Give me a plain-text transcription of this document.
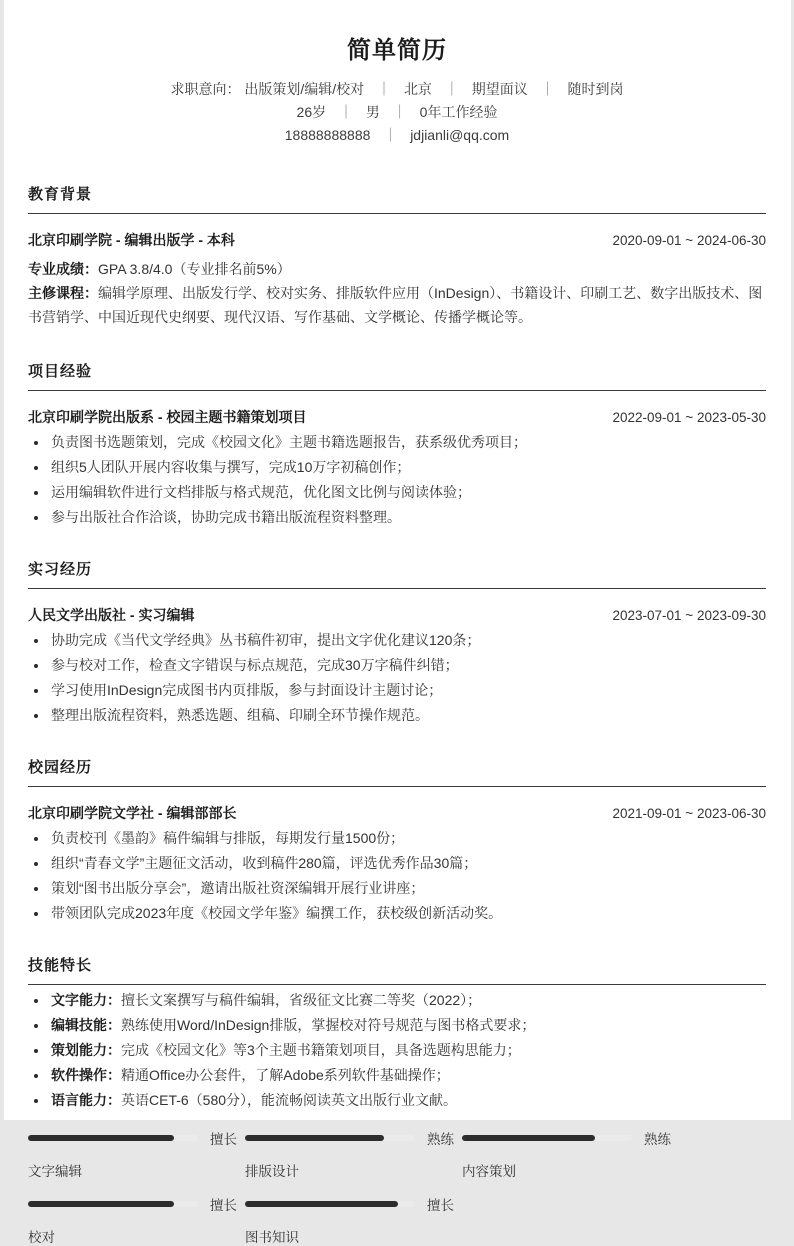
简单简历

求职意向： 出版策划/编辑/校对 ｜ 北京 ｜ 期望面议 ｜ 随时到岗

26岁 ｜ 男 ｜ 0年工作经验

18888888888 ｜ jdjianli@qq.com

教育背景
北京印刷学院 - 编辑出版学 - 本科	2020-09-01 ~ 2024-06-30

专业成绩：GPA 3.8/4.0（专业排名前5%）

主修课程：编辑学原理、出版发行学、校对实务、排版软件应用（InDesign）、书籍设计、印刷工艺、数字出版技术、图书营销学、中国近现代史纲要、现代汉语、写作基础、文学概论、传播学概论等。

项目经验
北京印刷学院出版系 - 校园主题书籍策划项目	2022-09-01 ~ 2023-05-30
负责图书选题策划，完成《校园文化》主题书籍选题报告，获系级优秀项目；
组织5人团队开展内容收集与撰写，完成10万字初稿创作；
运用编辑软件进行文档排版与格式规范，优化图文比例与阅读体验；
参与出版社合作洽谈，协助完成书籍出版流程资料整理。
实习经历
人民文学出版社 - 实习编辑	2023-07-01 ~ 2023-09-30
协助完成《当代文学经典》丛书稿件初审，提出文字优化建议120条；
参与校对工作，检查文字错误与标点规范，完成30万字稿件纠错；
学习使用InDesign完成图书内页排版，参与封面设计主题讨论；
整理出版流程资料，熟悉选题、组稿、印刷全环节操作规范。
校园经历
北京印刷学院文学社 - 编辑部部长	2021-09-01 ~ 2023-06-30
负责校刊《墨韵》稿件编辑与排版，每期发行量1500份；
组织“青春文学”主题征文活动，收到稿件280篇，评选优秀作品30篇；
策划“图书出版分享会”，邀请出版社资深编辑开展行业讲座；
带领团队完成2023年度《校园文学年鉴》编撰工作，获校级创新活动奖。
技能特长
文字能力：擅长文案撰写与稿件编辑，省级征文比赛二等奖（2022）；
编辑技能：熟练使用Word/InDesign排版，掌握校对符号规范与图书格式要求；
策划能力：完成《校园文化》等3个主题书籍策划项目，具备选题构思能力；
软件操作：精通Office办公套件，了解Adobe系列软件基础操作；
语言能力：英语CET-6（580分），能流畅阅读英文出版行业文献。
擅长
文字编辑
熟练
排版设计
熟练
内容策划
擅长
校对
擅长
图书知识
